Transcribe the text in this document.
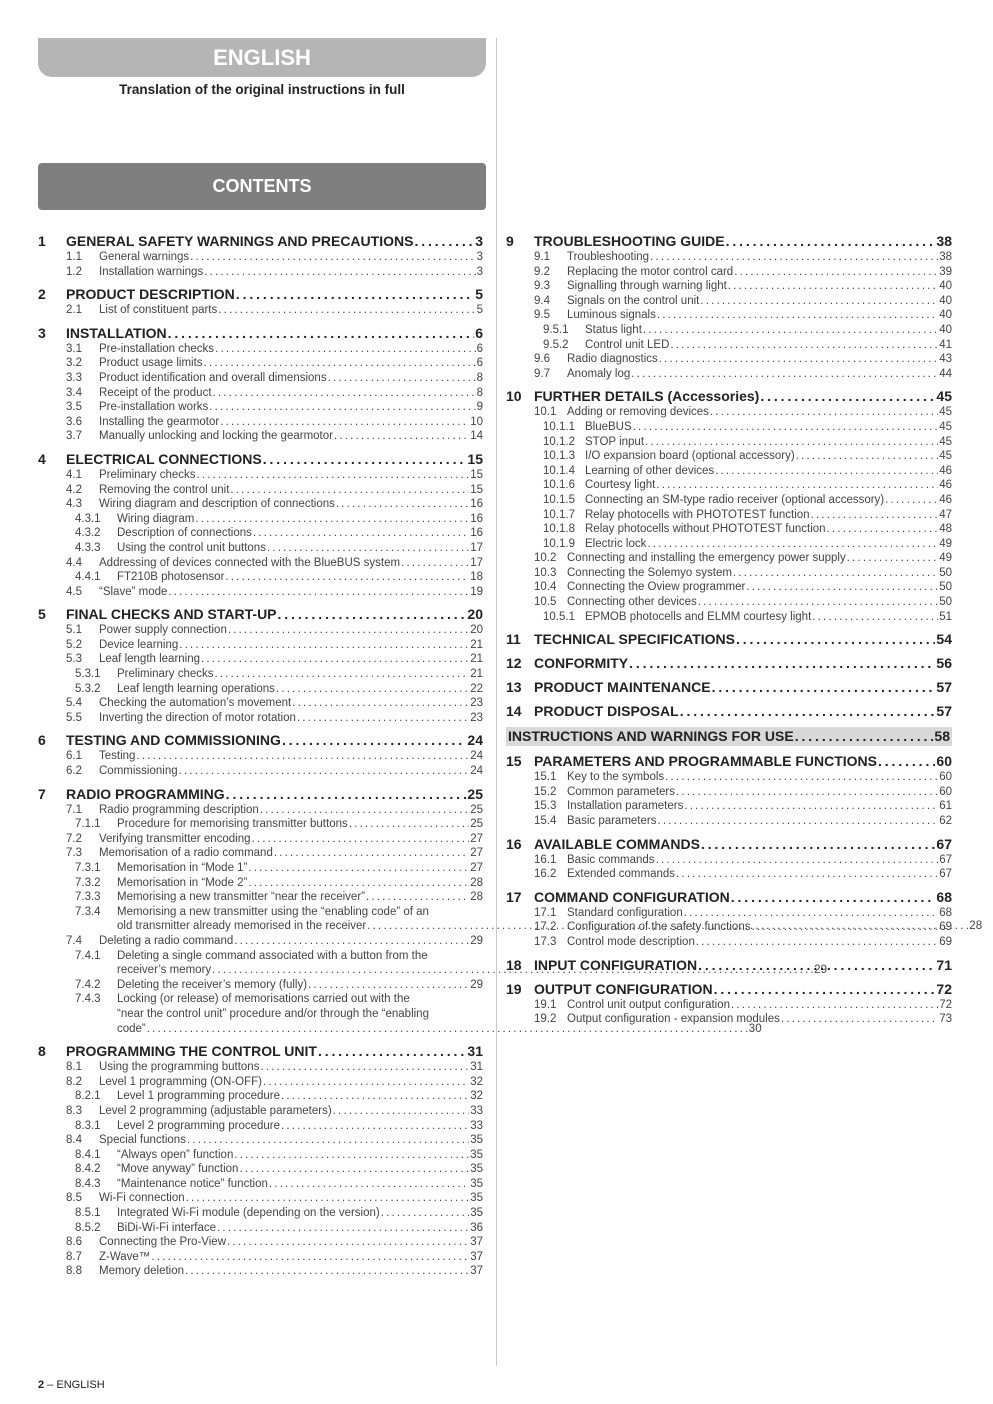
ENGLISH
Translation of the original instructions in full
CONTENTS
1	GENERAL SAFETY WARNINGS AND PRECAUTIONS . . .	3
1.1	General warnings . . .	3
1.2	Installation warnings . . .	3
2	PRODUCT DESCRIPTION . . .	5
2.1	List of constituent parts . . .	5
3	INSTALLATION . . .	6
3.1	Pre-installation checks . . .	6
3.2	Product usage limits . . .	6
3.3	Product identification and overall dimensions . . .	8
3.4	Receipt of the product . . .	8
3.5	Pre-installation works . . .	9
3.6	Installing the gearmotor . . .	10
3.7	Manually unlocking and locking the gearmotor . . .	14
4	ELECTRICAL CONNECTIONS . . .	15
4.1	Preliminary checks . . .	15
4.2	Removing the control unit . . .	15
4.3	Wiring diagram and description of connections . . .	16
4.3.1	Wiring diagram . . .	16
4.3.2	Description of connections . . .	16
4.3.3	Using the control unit buttons . . .	17
4.4	Addressing of devices connected with the BlueBUS system . . .	17
4.4.1	FT210B photosensor . . .	18
4.5	“Slave” mode . . .	19
5	FINAL CHECKS AND START-UP . . .	20
5.1	Power supply connection . . .	20
5.2	Device learning . . .	21
5.3	Leaf length learning . . .	21
5.3.1	Preliminary checks . . .	21
5.3.2	Leaf length learning operations . . .	22
5.4	Checking the automation’s movement . . .	23
5.5	Inverting the direction of motor rotation . . .	23
6	TESTING AND COMMISSIONING . . .	24
6.1	Testing . . .	24
6.2	Commissioning . . .	24
7	RADIO PROGRAMMING . . .	25
7.1	Radio programming description . . .	25
7.1.1	Procedure for memorising transmitter buttons . . .	25
7.2	Verifying transmitter encoding . . .	27
7.3	Memorisation of a radio command . . .	27
7.3.1	Memorisation in “Mode 1” . . .	27
7.3.2	Memorisation in “Mode 2” . . .	28
7.3.3	Memorising a new transmitter “near the receiver” . . .	28
7.3.4	Memorising a new transmitter using the “enabling code” of an
old transmitter already memorised in the receiver . . .	28
7.4	Deleting a radio command . . .	29
7.4.1	Deleting a single command associated with a button from the
receiver’s memory . . .	29
7.4.2	Deleting the receiver’s memory (fully) . . .	29
7.4.3	Locking (or release) of memorisations carried out with the
“near the control unit” procedure and/or through the “enabling
code” . . .	30
8	PROGRAMMING THE CONTROL UNIT . . .	31
8.1	Using the programming buttons . . .	31
8.2	Level 1 programming (ON-OFF) . . .	32
8.2.1	Level 1 programming procedure . . .	32
8.3	Level 2 programming (adjustable parameters) . . .	33
8.3.1	Level 2 programming procedure . . .	33
8.4	Special functions . . .	35
8.4.1	“Always open” function . . .	35
8.4.2	“Move anyway” function . . .	35
8.4.3	“Maintenance notice” function . . .	35
8.5	Wi-Fi connection . . .	35
8.5.1	Integrated Wi-Fi module (depending on the version) . . .	35
8.5.2	BiDi-Wi-Fi interface . . .	36
8.6	Connecting the Pro-View . . .	37
8.7	Z-Wave™ . . .	37
8.8	Memory deletion . . .	37
9	TROUBLESHOOTING GUIDE . . .	38
9.1	Troubleshooting . . .	38
9.2	Replacing the motor control card . . .	39
9.3	Signalling through warning light . . .	40
9.4	Signals on the control unit . . .	40
9.5	Luminous signals . . .	40
9.5.1	Status light . . .	40
9.5.2	Control unit LED . . .	41
9.6	Radio diagnostics . . .	43
9.7	Anomaly log . . .	44
10 FURTHER DETAILS (Accessories) . . .	45
10.1 Adding or removing devices . . .	45
10.1.1 BlueBUS . . .	45
10.1.2 STOP input . . .	45
10.1.3 I/O expansion board (optional accessory) . . .	45
10.1.4 Learning of other devices . . .	46
10.1.6 Courtesy light . . .	46
10.1.5 Connecting an SM-type radio receiver (optional accessory) . . .	46
10.1.7 Relay photocells with PHOTOTEST function . . .	47
10.1.8 Relay photocells without PHOTOTEST function . . .	48
10.1.9 Electric lock . . .	49
10.2 Connecting and installing the emergency power supply . . .	49
10.3 Connecting the Solemyo system . . .	50
10.4 Connecting the Oview programmer . . .	50
10.5 Connecting other devices . . .	50
10.5.1 EPMOB photocells and ELMM courtesy light . . .	51
11 TECHNICAL SPECIFICATIONS . . .	54
12 CONFORMITY . . .	56
13 PRODUCT MAINTENANCE . . .	57
14 PRODUCT DISPOSAL . . .	57
INSTRUCTIONS AND WARNINGS FOR USE . . .	58
15 PARAMETERS AND PROGRAMMABLE FUNCTIONS . . .	60
15.1 Key to the symbols . . .	60
15.2 Common parameters . . .	60
15.3 Installation parameters . . .	61
15.4 Basic parameters . . .	62
16 AVAILABLE COMMANDS . . .	67
16.1 Basic commands . . .	67
16.2 Extended commands . . .	67
17 COMMAND CONFIGURATION . . .	68
17.1 Standard configuration . . .	68
17.2 Configuration of the safety functions . . .	69
17.3 Control mode description . . .	69
18 INPUT CONFIGURATION . . .	71
19 OUTPUT CONFIGURATION . . .	72
19.1 Control unit output configuration . . .	72
19.2 Output configuration - expansion modules . . .	73
2 – ENGLISH
